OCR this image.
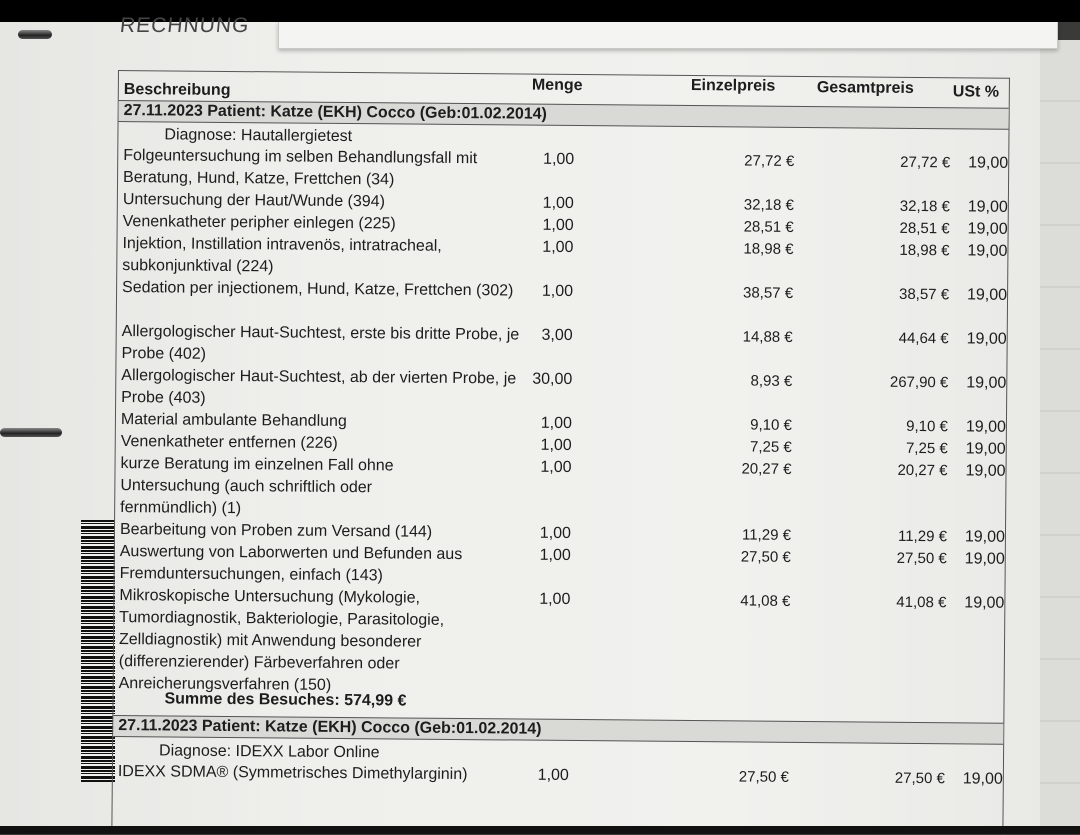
RECHNUNG
Beschreibung	Menge	Einzelpreis	Gesamtpreis USt %
27.11.2023 Patient: Katze (EKH) Cocco (Geb:01.02.2014)
Diagnose: Hautallergietest
Folgeuntersuchung im selben Behandlungsfall mit Beratung, Hund, Katze, Frettchen (34)
1,00	27,72 €	27,72 € 19,00
Untersuchung der Haut/Wunde (394)	1,00	32,18 €	32,18 € 19,00
Venenkatheter peripher einlegen (225)	1,00	28,51 €	28,51 € 19,00
Injektion, Instillation intravenös, intratracheal, subkonjunktival (224)
1,00	18,98 €	18,98 € 19,00
Sedation per injectionem, Hund, Katze, Frettchen (302)	1,00	38,57 €	38,57 € 19,00
Allergologischer Haut-Suchtest, erste bis dritte Probe, je Probe (402)
3,00	14,88 €	44,64 € 19,00
Allergologischer Haut-Suchtest, ab der vierten Probe, je Probe (403)
30,00	8,93 €	267,90 € 19,00
Material ambulante Behandlung	1,00	9,10 €	9,10 € 19,00
Venenkatheter entfernen (226)	1,00	7,25 €	7,25 € 19,00
kurze Beratung im einzelnen Fall ohne Untersuchung (auch schriftlich oder fernmündlich) (1)
1,00	20,27 €	20,27 € 19,00
Bearbeitung von Proben zum Versand (144)	1,00	11,29 €	11,29 € 19,00
Auswertung von Laborwerten und Befunden aus Fremduntersuchungen, einfach (143)
1,00	27,50 €	27,50 € 19,00
Mikroskopische Untersuchung (Mykologie, Tumordiagnostik, Bakteriologie, Parasitologie, Zelldiagnostik) mit Anwendung besonderer (differenzierender) Färbeverfahren oder Anreicherungsverfahren (150)
1,00	41,08 €	41,08 € 19,00
Summe des Besuches: 574,99 €
27.11.2023 Patient: Katze (EKH) Cocco (Geb:01.02.2014)
Diagnose: IDEXX Labor Online
IDEXX SDMA® (Symmetrisches Dimethylarginin)	1,00	27,50 €	27,50 € 19,00
